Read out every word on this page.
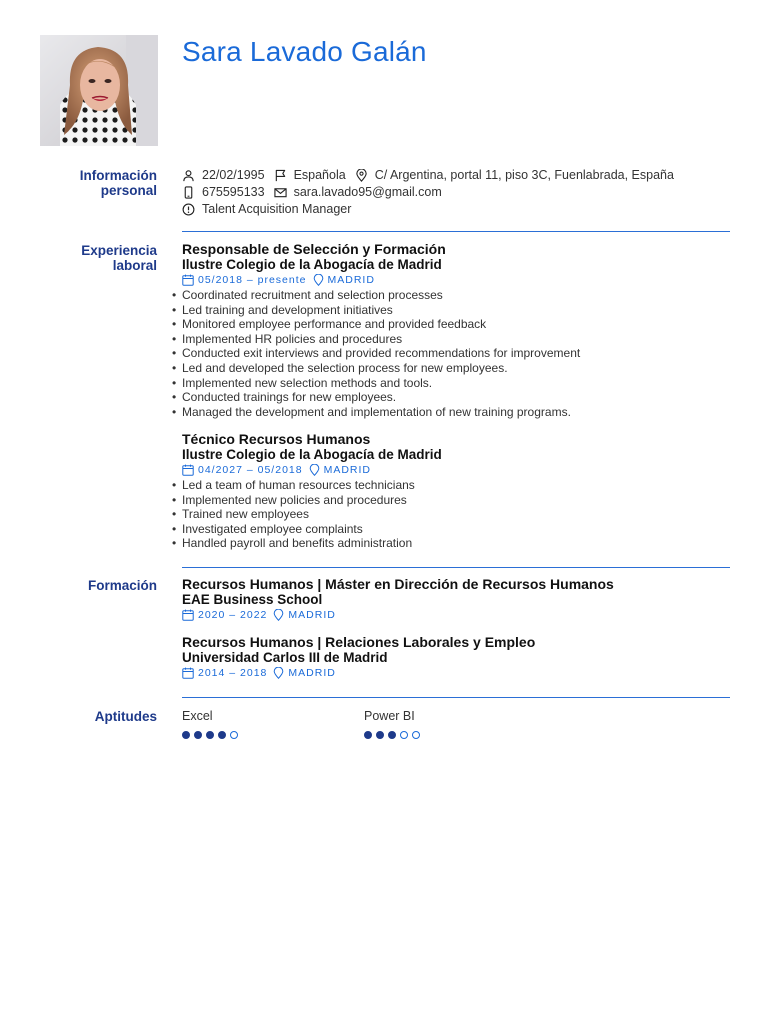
Sara Lavado Galán
Información
personal
22/02/1995 Española C/ Argentina, portal 11, piso 3C, Fuenlabrada, España
675595133 sara.lavado95@gmail.com
Talent Acquisition Manager
Experiencia
laboral
Responsable de Selección y Formación
Ilustre Colegio de la Abogacía de Madrid
05/2018 – presente MADRID
• Coordinated recruitment and selection processes
• Led training and development initiatives
• Monitored employee performance and provided feedback
• Implemented HR policies and procedures
• Conducted exit interviews and provided recommendations for improvement
• Led and developed the selection process for new employees.
• Implemented new selection methods and tools.
• Conducted trainings for new employees.
• Managed the development and implementation of new training programs.
Técnico Recursos Humanos
Ilustre Colegio de la Abogacía de Madrid
04/2027 – 05/2018 MADRID
• Led a team of human resources technicians
• Implemented new policies and procedures
• Trained new employees
• Investigated employee complaints
• Handled payroll and benefits administration
Formación Recursos Humanos | Máster en Dirección de Recursos Humanos
EAE Business School
2020 – 2022 MADRID
Recursos Humanos | Relaciones Laborales y Empleo
Universidad Carlos III de Madrid
2014 – 2018 MADRID
Aptitudes Excel	Power BI
